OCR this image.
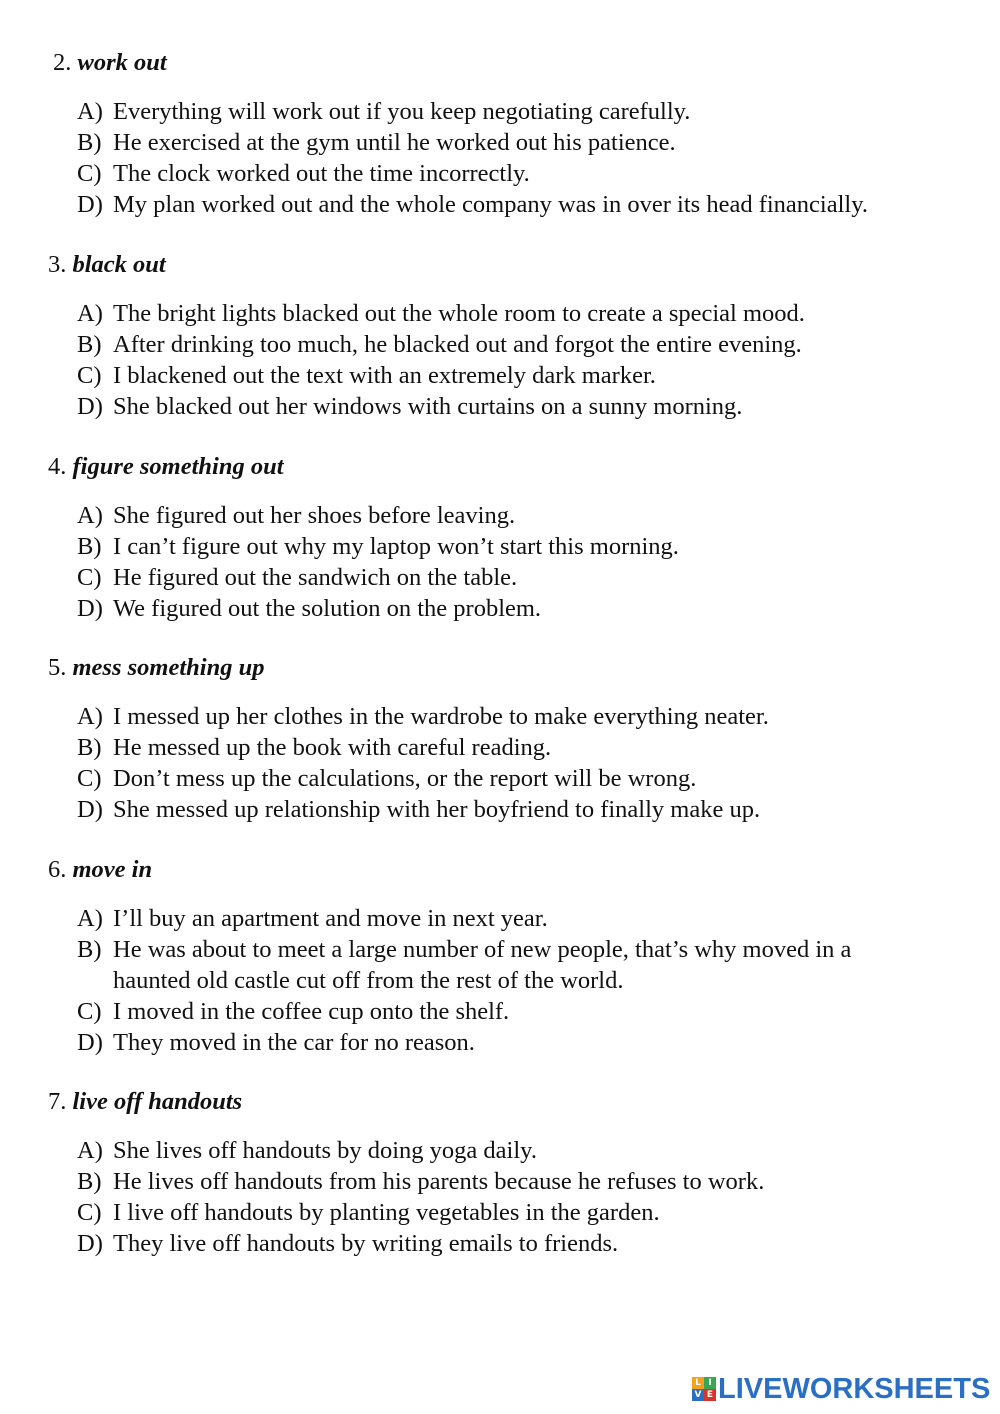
2. work out
A) Everything will work out if you keep negotiating carefully.
B) He exercised at the gym until he worked out his patience.
C) The clock worked out the time incorrectly.
D) My plan worked out and the whole company was in over its head financially.
3. black out
A) The bright lights blacked out the whole room to create a special mood.
B) After drinking too much, he blacked out and forgot the entire evening.
C) I blackened out the text with an extremely dark marker.
D) She blacked out her windows with curtains on a sunny morning.
4. figure something out
A) She figured out her shoes before leaving.
B) I can’t figure out why my laptop won’t start this morning.
C) He figured out the sandwich on the table.
D) We figured out the solution on the problem.
5. mess something up
A) I messed up her clothes in the wardrobe to make everything neater.
B) He messed up the book with careful reading.
C) Don’t mess up the calculations, or the report will be wrong.
D) She messed up relationship with her boyfriend to finally make up.
6. move in
A) I’ll buy an apartment and move in next year.
B) He was about to meet a large number of new people, that’s why moved in a
haunted old castle cut off from the rest of the world.
C) I moved in the coffee cup onto the shelf.
D) They moved in the car for no reason.
7. live off handouts
A) She lives off handouts by doing yoga daily.
B) He lives off handouts from his parents because he refuses to work.
C) I live off handouts by planting vegetables in the garden.
D) They live off handouts by writing emails to friends.
L I
V E LIVEWORKSHEETS
